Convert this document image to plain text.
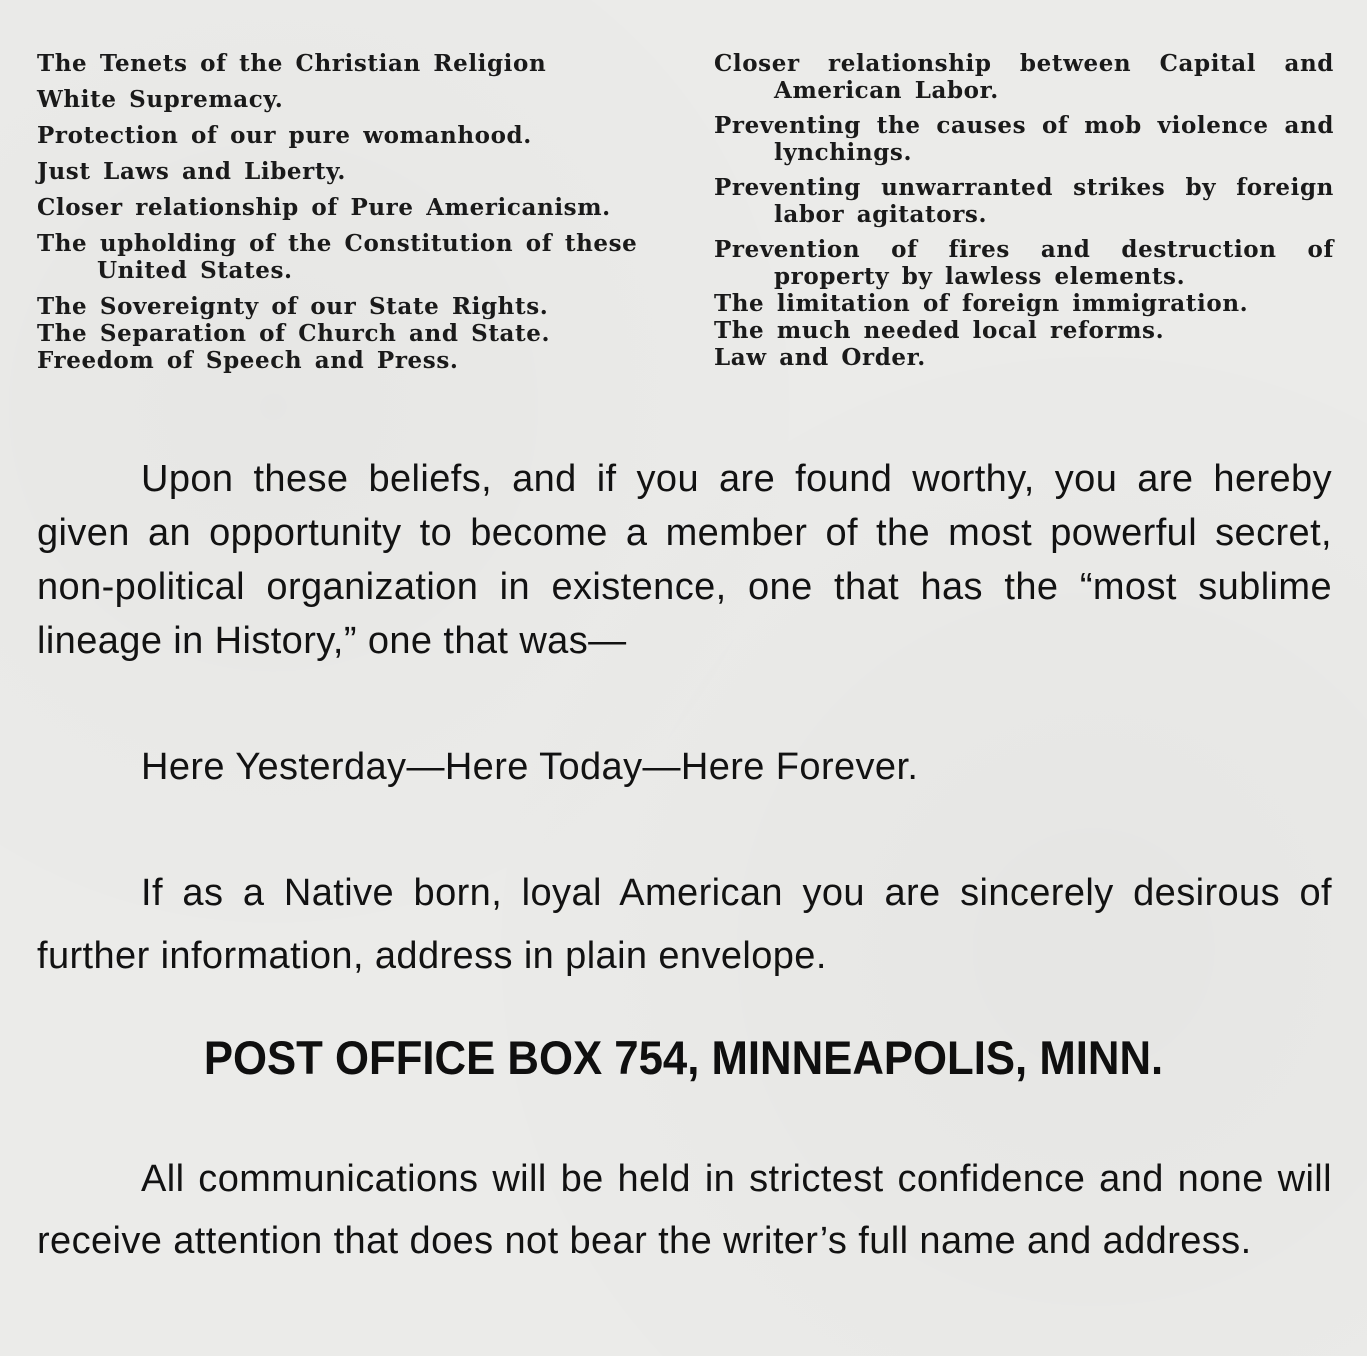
The Tenets of the Christian Religion

White Supremacy.

Protection of our pure womanhood.

Just Laws and Liberty.

Closer relationship of Pure Americanism.

The upholding of the Constitution of these United States.

The Sovereignty of our State Rights.

The Separation of Church and State.

Freedom of Speech and Press.

Closer relationship between Capital and American Labor.

Preventing the causes of mob violence and lynchings.

Preventing unwarranted strikes by foreign labor agitators.

Prevention of fires and destruction of property by lawless elements.

The limitation of foreign immigration.

The much needed local reforms.

Law and Order.

Upon these beliefs, and if you are found worthy, you are hereby given an opportunity to become a member of the most powerful secret, non-political organization in existence, one that has the “most sublime lineage in History,” one that was—

Here Yesterday—Here Today—Here Forever.

If as a Native born, loyal American you are sincerely desirous of further information, address in plain envelope.

POST OFFICE BOX 754, MINNEAPOLIS, MINN.

All communications will be held in strictest confidence and none will receive attention that does not bear the writer’s full name and address.
